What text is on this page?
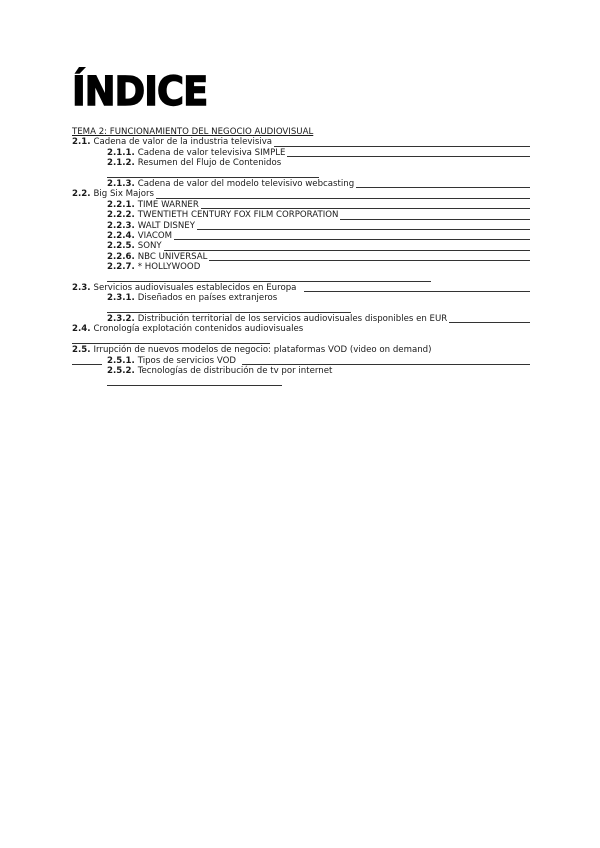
ÍNDICE
TEMA 2: FUNCIONAMIENTO DEL NEGOCIO AUDIOVISUAL
2.1. Cadena de valor de la industria televisiva
2.1.1. Cadena de valor televisiva SIMPLE
2.1.2. Resumen del Flujo de Contenidos
2.1.3. Cadena de valor del modelo televisivo webcasting
2.2. Big Six Majors
2.2.1. TIME WARNER
2.2.2. TWENTIETH CENTURY FOX FILM CORPORATION
2.2.3. WALT DISNEY
2.2.4. VIACOM
2.2.5. SONY
2.2.6. NBC UNIVERSAL
2.2.7. * HOLLYWOOD
2.3. Servicios audiovisuales establecidos en Europa
2.3.1. Diseñados en países extranjeros
2.3.2. Distribución territorial de los servicios audiovisuales disponibles en EUR
2.4. Cronología explotación contenidos audiovisuales
2.5. Irrupción de nuevos modelos de negocio: plataformas VOD (video on demand)
2.5.1. Tipos de servicios VOD
2.5.2. Tecnologías de distribución de tv por internet
